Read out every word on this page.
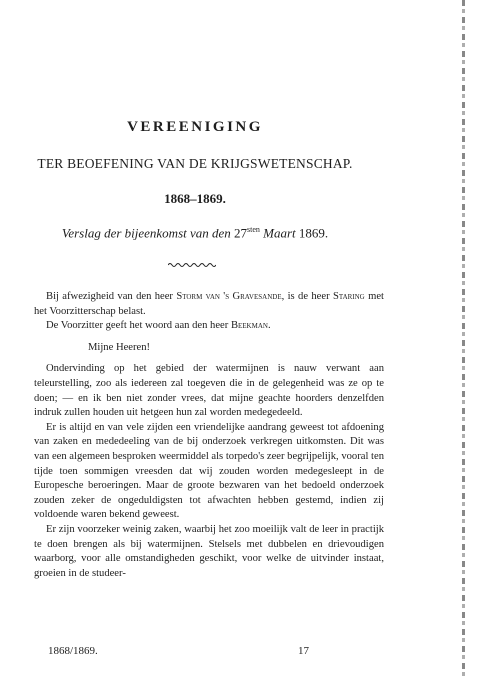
VEREENIGING
TER BEOEFENING VAN DE KRIJGSWETENSCHAP.
1868–1869.
Verslag der bijeenkomst van den $27^{sten}$ Maart 1869.

Bij afwezigheid van den heer Storm van 's Gravesande, is de heer Staring met het Voorzitterschap belast.

De Voorzitter geeft het woord aan den heer Beekman.

Mijne Heeren!

Ondervinding op het gebied der watermijnen is nauw verwant aan teleurstelling, zoo als iedereen zal toegeven die in de gelegenheid was ze op te doen; — en ik ben niet zonder vrees, dat mijne geachte hoorders denzelfden indruk zullen houden uit hetgeen hun zal worden medegedeeld.

Er is altijd en van vele zijden een vriendelijke aandrang geweest tot afdoening van zaken en mededeeling van de bij onderzoek verkregen uitkomsten. Dit was van een algemeen besproken weermiddel als torpedo's zeer begrijpelijk, vooral ten tijde toen sommigen vreesden dat wij zouden worden medegesleept in de Europesche beroeringen. Maar de groote bezwaren van het bedoeld onderzoek zouden zeker de ongeduldigsten tot afwachten hebben gestemd, indien zij voldoende waren bekend geweest.

Er zijn voorzeker weinig zaken, waarbij het zoo moeilijk valt de leer in practijk te doen brengen als bij watermijnen. Stelsels met dubbelen en drievoudigen waarborg, voor alle omstandigheden geschikt, voor welke de uitvinder instaat, groeien in de studeer-

1868/1869.	17
